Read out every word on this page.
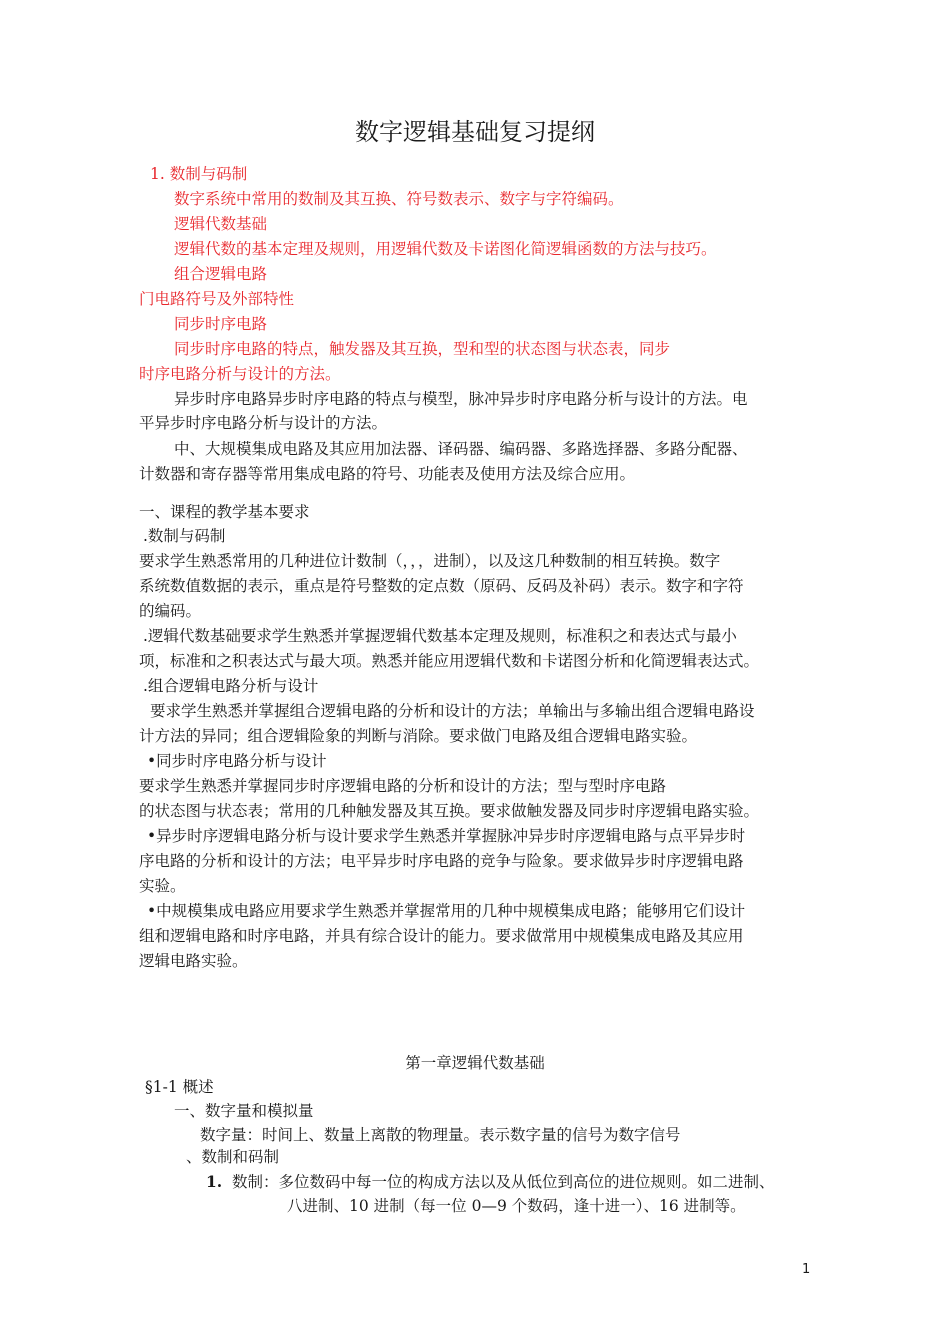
数字逻辑基础复习提纲
1. 数制与码制
数字系统中常用的数制及其互换、符号数表示、数字与字符编码。
逻辑代数基础
逻辑代数的基本定理及规则，用逻辑代数及卡诺图化简逻辑函数的方法与技巧。
组合逻辑电路
门电路符号及外部特性
同步时序电路
同步时序电路的特点，触发器及其互换，型和型的状态图与状态表，同步
时序电路分析与设计的方法。
异步时序电路异步时序电路的特点与模型，脉冲异步时序电路分析与设计的方法。电
平异步时序电路分析与设计的方法。
中、大规模集成电路及其应用加法器、译码器、编码器、多路选择器、多路分配器、
计数器和寄存器等常用集成电路的符号、功能表及使用方法及综合应用。
一、课程的教学基本要求
.数制与码制
要求学生熟悉常用的几种进位计数制（，，，进制），以及这几种数制的相互转换。数字
系统数值数据的表示，重点是符号整数的定点数（原码、反码及补码）表示。数字和字符
的编码。
.逻辑代数基础要求学生熟悉并掌握逻辑代数基本定理及规则，标准积之和表达式与最小
项，标准和之积表达式与最大项。熟悉并能应用逻辑代数和卡诺图分析和化简逻辑表达式。
.组合逻辑电路分析与设计
要求学生熟悉并掌握组合逻辑电路的分析和设计的方法；单输出与多输出组合逻辑电路设
计方法的异同；组合逻辑险象的判断与消除。要求做门电路及组合逻辑电路实验。
•同步时序电路分析与设计
要求学生熟悉并掌握同步时序逻辑电路的分析和设计的方法；型与型时序电路
的状态图与状态表；常用的几种触发器及其互换。要求做触发器及同步时序逻辑电路实验。
•异步时序逻辑电路分析与设计要求学生熟悉并掌握脉冲异步时序逻辑电路与点平异步时
序电路的分析和设计的方法；电平异步时序电路的竞争与险象。要求做异步时序逻辑电路
实验。
•中规模集成电路应用要求学生熟悉并掌握常用的几种中规模集成电路；能够用它们设计
组和逻辑电路和时序电路，并具有综合设计的能力。要求做常用中规模集成电路及其应用
逻辑电路实验。
第一章逻辑代数基础
§1-1 概述
一、数字量和模拟量
数字量：时间上、数量上离散的物理量。表示数字量的信号为数字信号
、数制和码制
1. 数制：多位数码中每一位的构成方法以及从低位到高位的进位规则。如二进制、
八进制、10 进制（每一位 0—9 个数码，逢十进一）、16 进制等。
1
